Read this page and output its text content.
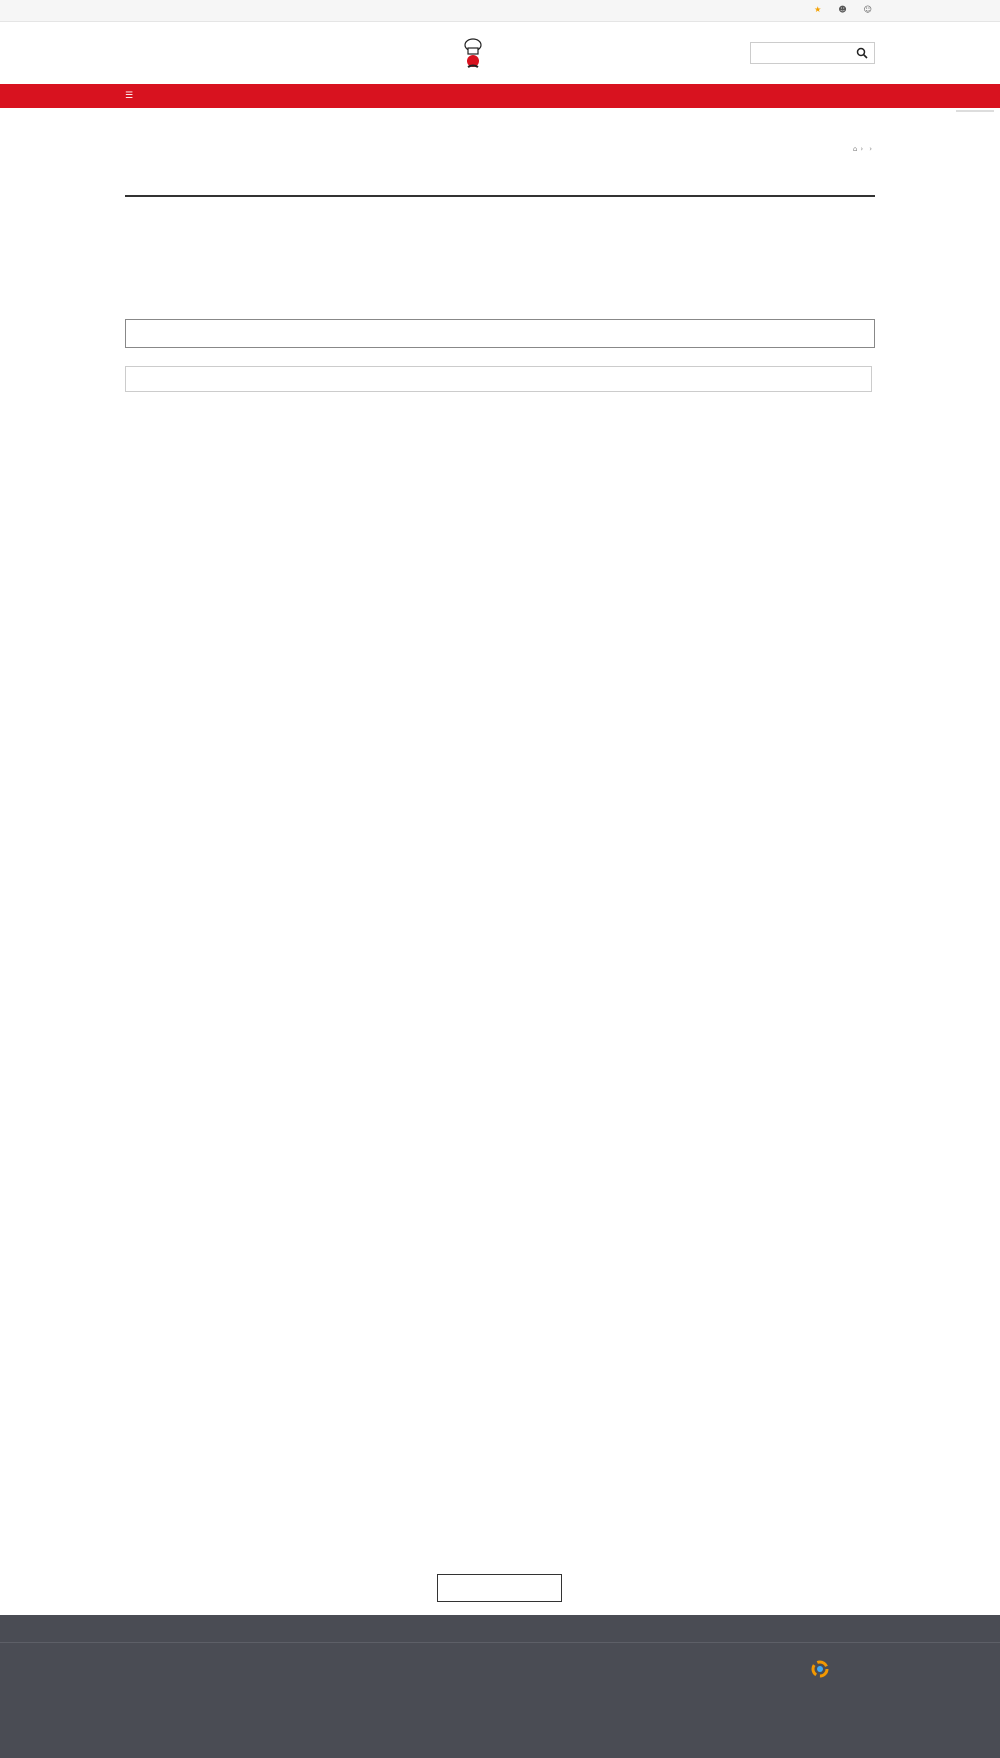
★ ☻ ☺
☰
⌂ › ›
